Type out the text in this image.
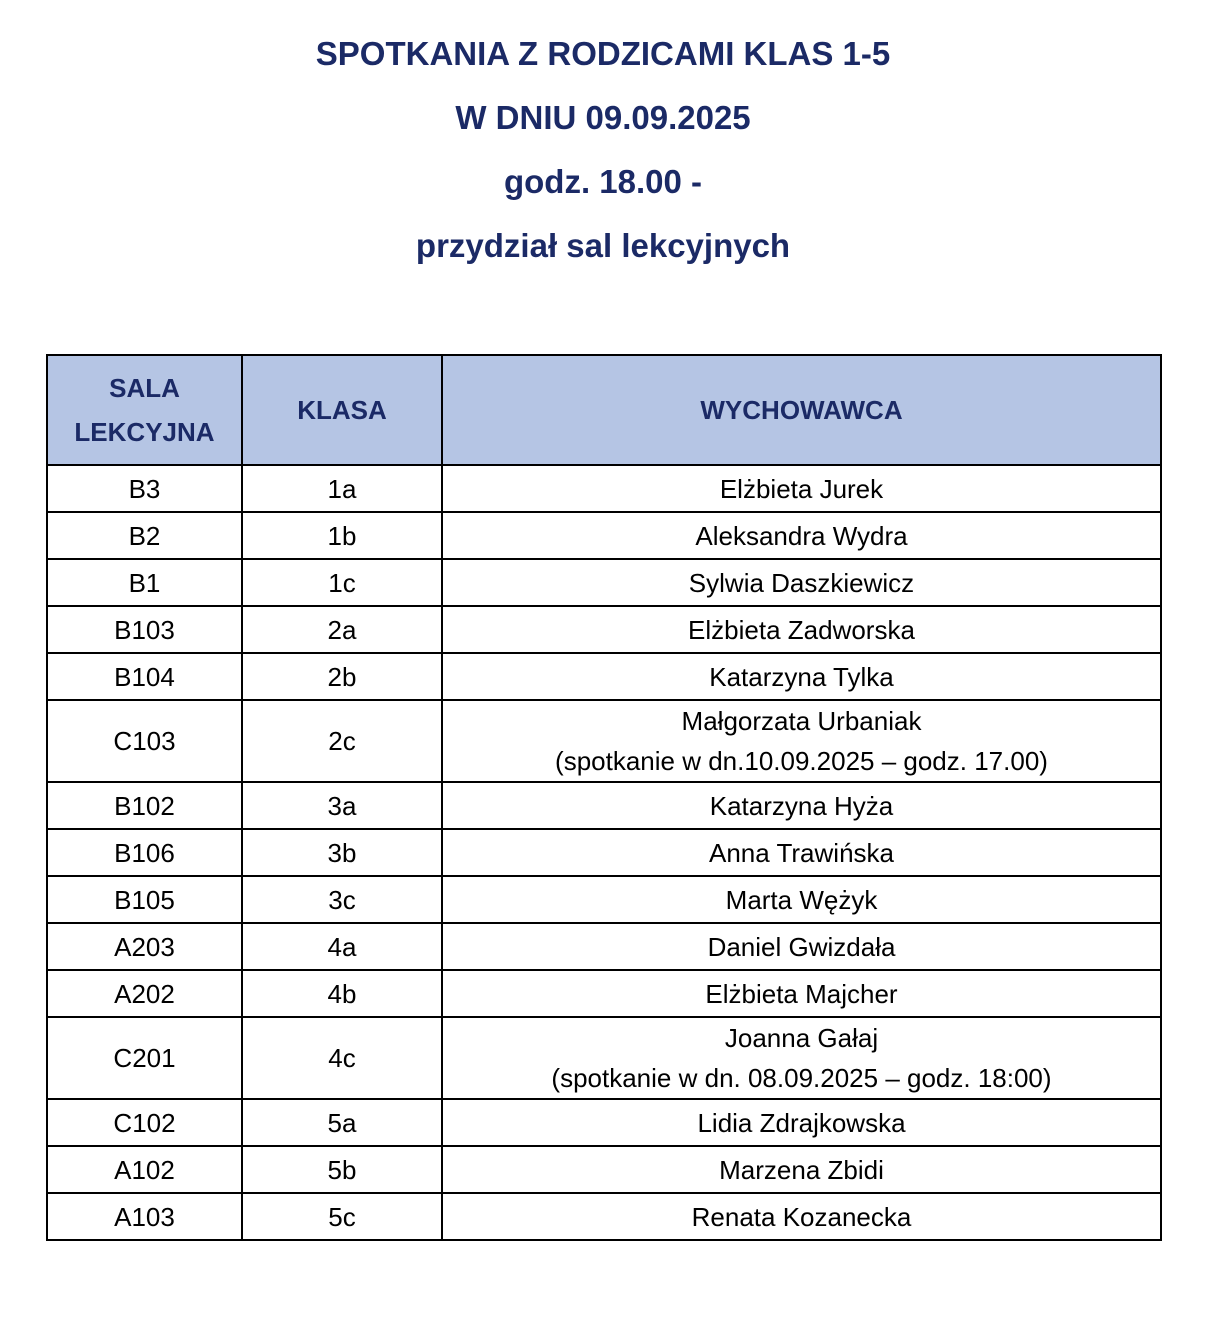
SPOTKANIA Z RODZICAMI KLAS 1-5
W DNIU 09.09.2025
godz. 18.00 -
przydział sal lekcyjnych
SALA
LEKCYJNA	KLASA	WYCHOWAWCA
B3	1a	Elżbieta Jurek

B2	1b	Aleksandra Wydra

B1	1c	Sylwia Daszkiewicz

B103	2a	Elżbieta Zadworska

B104	2b	Katarzyna Tylka

C103	2c	Małgorzata Urbaniak
(spotkanie w dn.10.09.2025 – godz. 17.00)

B102	3a	Katarzyna Hyża

B106	3b	Anna Trawińska

B105	3c	Marta Wężyk

A203	4a	Daniel Gwizdała

A202	4b	Elżbieta Majcher

C201	4c	Joanna Gałaj
(spotkanie w dn. 08.09.2025 – godz. 18:00)

C102	5a	Lidia Zdrajkowska

A102	5b	Marzena Zbidi

A103	5c	Renata Kozanecka
